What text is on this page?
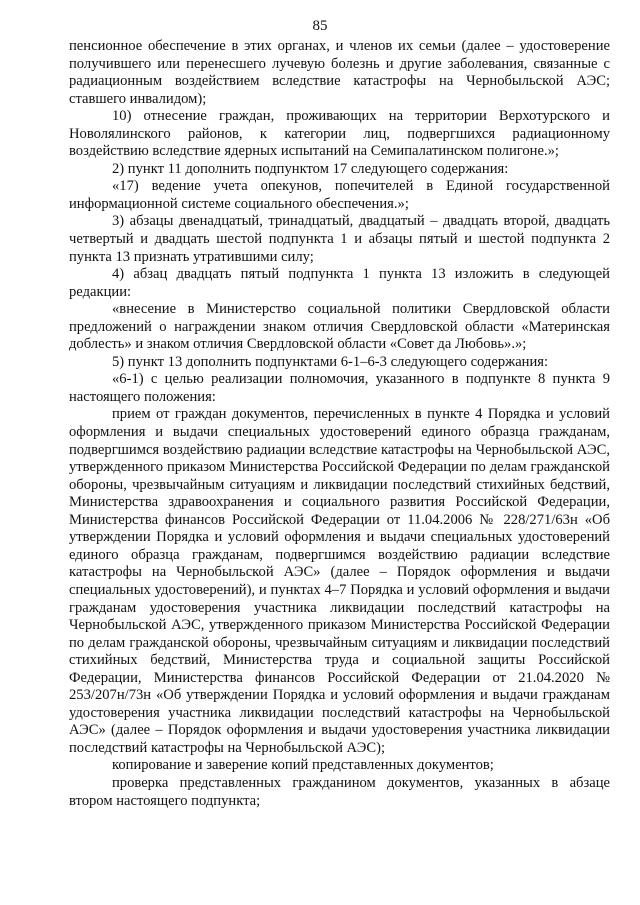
85

пенсионное обеспечение в этих органах, и членов их семьи (далее – удостоверение получившего или перенесшего лучевую болезнь и другие заболевания, связанные с радиационным воздействием вследствие катастрофы на Чернобыльской АЭС; ставшего инвалидом);

10) отнесение граждан, проживающих на территории Верхотурского и Новолялинского районов, к категории лиц, подвергшихся радиационному воздействию вследствие ядерных испытаний на Семипалатинском полигоне.»;

2) пункт 11 дополнить подпунктом 17 следующего содержания:

«17) ведение учета опекунов, попечителей в Единой государственной информационной системе социального обеспечения.»;

3) абзацы двенадцатый, тринадцатый, двадцатый – двадцать второй, двадцать четвертый и двадцать шестой подпункта 1 и абзацы пятый и шестой подпункта 2 пункта 13 признать утратившими силу;

4) абзац двадцать пятый подпункта 1 пункта 13 изложить в следующей редакции:

«внесение в Министерство социальной политики Свердловской области предложений о награждении знаком отличия Свердловской области «Материнская доблесть» и знаком отличия Свердловской области «Совет да Любовь».»;

5) пункт 13 дополнить подпунктами 6-1–6-3 следующего содержания:

«6-1) с целью реализации полномочия, указанного в подпункте 8 пункта 9 настоящего положения:

прием от граждан документов, перечисленных в пункте 4 Порядка и условий оформления и выдачи специальных удостоверений единого образца гражданам, подвергшимся воздействию радиации вследствие катастрофы на Чернобыльской АЭС, утвержденного приказом Министерства Российской Федерации по делам гражданской обороны, чрезвычайным ситуациям и ликвидации последствий стихийных бедствий, Министерства здравоохранения и социального развития Российской Федерации, Министерства финансов Российской Федерации от 11.04.2006 № 228/271/63н «Об утверждении Порядка и условий оформления и выдачи специальных удостоверений единого образца гражданам, подвергшимся воздействию радиации вследствие катастрофы на Чернобыльской АЭС» (далее – Порядок оформления и выдачи специальных удостоверений), и пунктах 4–7 Порядка и условий оформления и выдачи гражданам удостоверения участника ликвидации последствий катастрофы на Чернобыльской АЭС, утвержденного приказом Министерства Российской Федерации по делам гражданской обороны, чрезвычайным ситуациям и ликвидации последствий стихийных бедствий, Министерства труда и социальной защиты Российской Федерации, Министерства финансов Российской Федерации от 21.04.2020 № 253/207н/73н «Об утверждении Порядка и условий оформления и выдачи гражданам удостоверения участника ликвидации последствий катастрофы на Чернобыльской АЭС» (далее – Порядок оформления и выдачи удостоверения участника ликвидации последствий катастрофы на Чернобыльской АЭС);

копирование и заверение копий представленных документов;

проверка представленных гражданином документов, указанных в абзаце втором настоящего подпункта;
